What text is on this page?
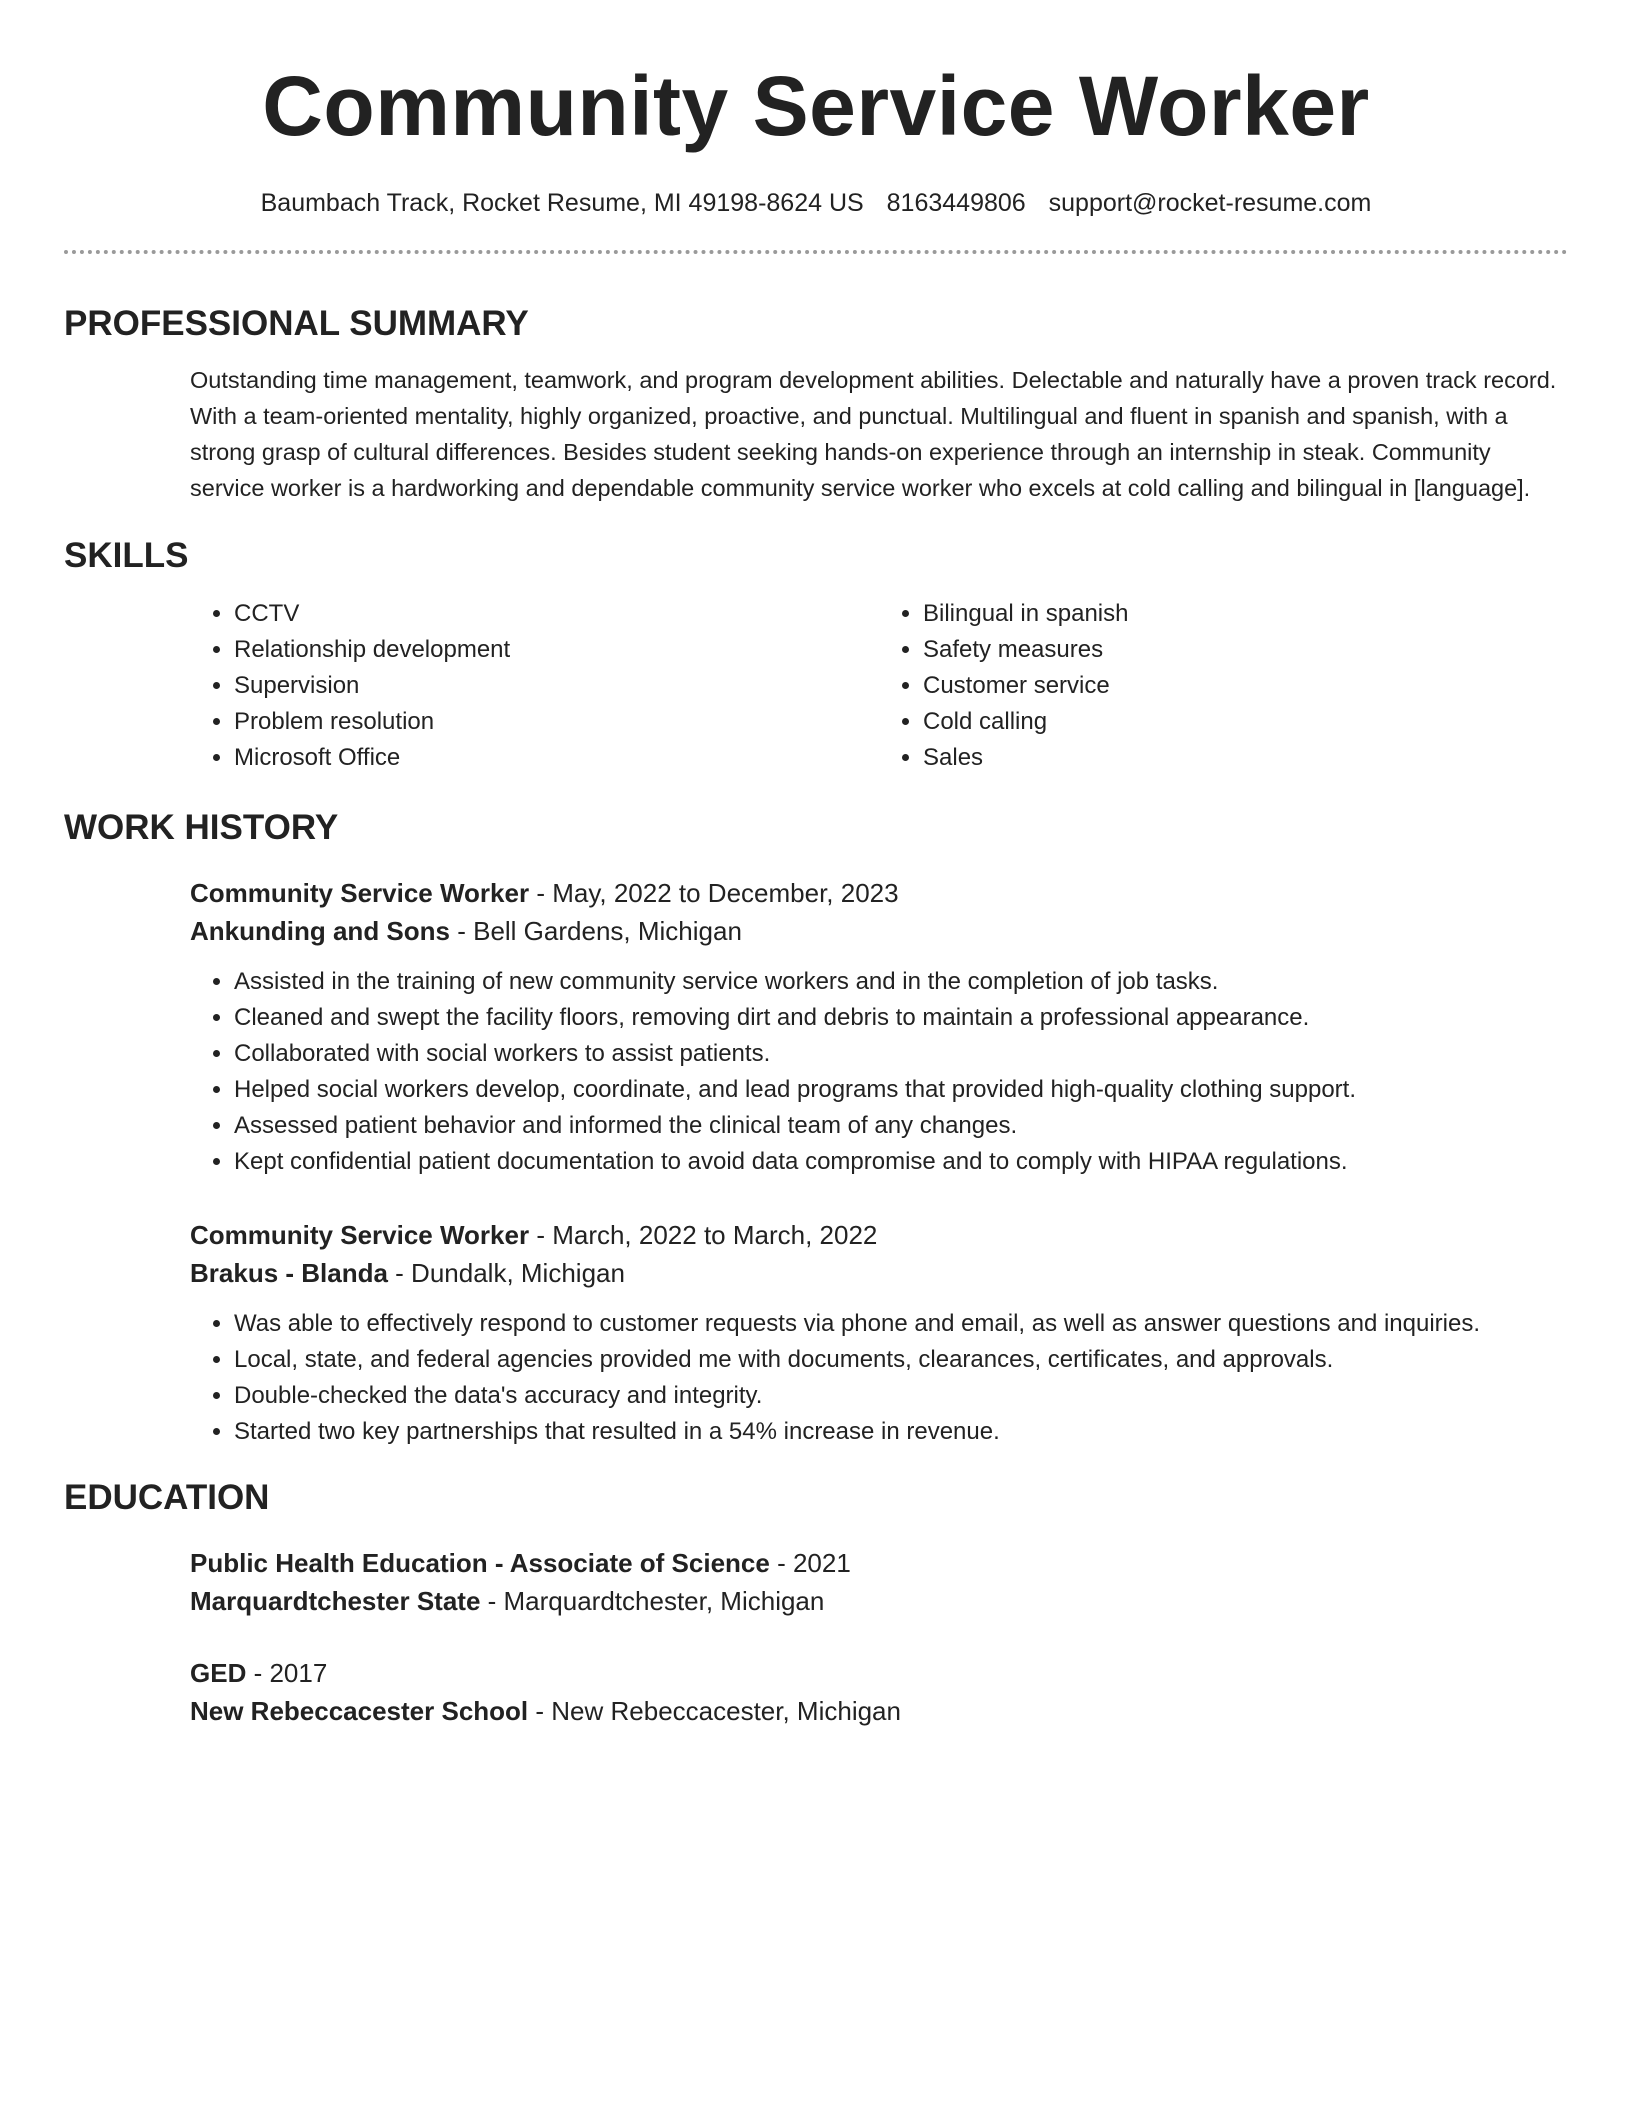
Community Service Worker
Baumbach Track, Rocket Resume, MI 49198-8624 US 8163449806 support@rocket-resume.com
PROFESSIONAL SUMMARY

Outstanding time management, teamwork, and program development abilities. Delectable and naturally have a proven track record. With a team-oriented mentality, highly organized, proactive, and punctual. Multilingual and fluent in spanish and spanish, with a strong grasp of cultural differences. Besides student seeking hands-on experience through an internship in steak. Community service worker is a hardworking and dependable community service worker who excels at cold calling and bilingual in [language].

SKILLS
• CCTV
• Relationship development
• Supervision
• Problem resolution
• Microsoft Office
• Bilingual in spanish
• Safety measures
• Customer service
• Cold calling
• Sales
WORK HISTORY
Community Service Worker - May, 2022 to December, 2023
Ankunding and Sons - Bell Gardens, Michigan
• Assisted in the training of new community service workers and in the completion of job tasks.
• Cleaned and swept the facility floors, removing dirt and debris to maintain a professional appearance.
• Collaborated with social workers to assist patients.
• Helped social workers develop, coordinate, and lead programs that provided high-quality clothing support.
• Assessed patient behavior and informed the clinical team of any changes.
• Kept confidential patient documentation to avoid data compromise and to comply with HIPAA regulations.
Community Service Worker - March, 2022 to March, 2022
Brakus - Blanda - Dundalk, Michigan
• Was able to effectively respond to customer requests via phone and email, as well as answer questions and inquiries.
• Local, state, and federal agencies provided me with documents, clearances, certificates, and approvals.
• Double-checked the data's accuracy and integrity.
• Started two key partnerships that resulted in a 54% increase in revenue.
EDUCATION
Public Health Education - Associate of Science - 2021
Marquardtchester State - Marquardtchester, Michigan
GED - 2017
New Rebeccacester School - New Rebeccacester, Michigan
